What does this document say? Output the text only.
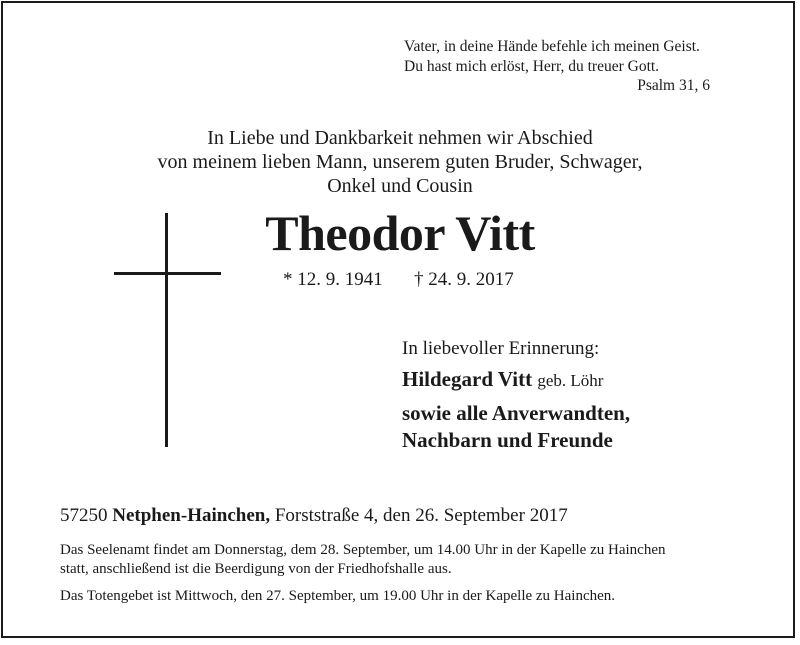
Vater, in deine Hände befehle ich meinen Geist.
Du hast mich erlöst, Herr, du treuer Gott.
Psalm 31, 6
In Liebe und Dankbarkeit nehmen wir Abschied
von meinem lieben Mann, unserem guten Bruder, Schwager,
Onkel und Cousin
Theodor Vitt
* 12. 9. 1941 † 24. 9. 2017
In liebevoller Erinnerung:
Hildegard Vitt geb. Löhr
sowie alle Anverwandten,
Nachbarn und Freunde
57250 Netphen-Hainchen, Forststraße 4, den 26. September 2017
Das Seelenamt findet am Donnerstag, dem 28. September, um 14.00 Uhr in der Kapelle zu Hainchen
statt, anschließend ist die Beerdigung von der Friedhofshalle aus.
Das Totengebet ist Mittwoch, den 27. September, um 19.00 Uhr in der Kapelle zu Hainchen.
